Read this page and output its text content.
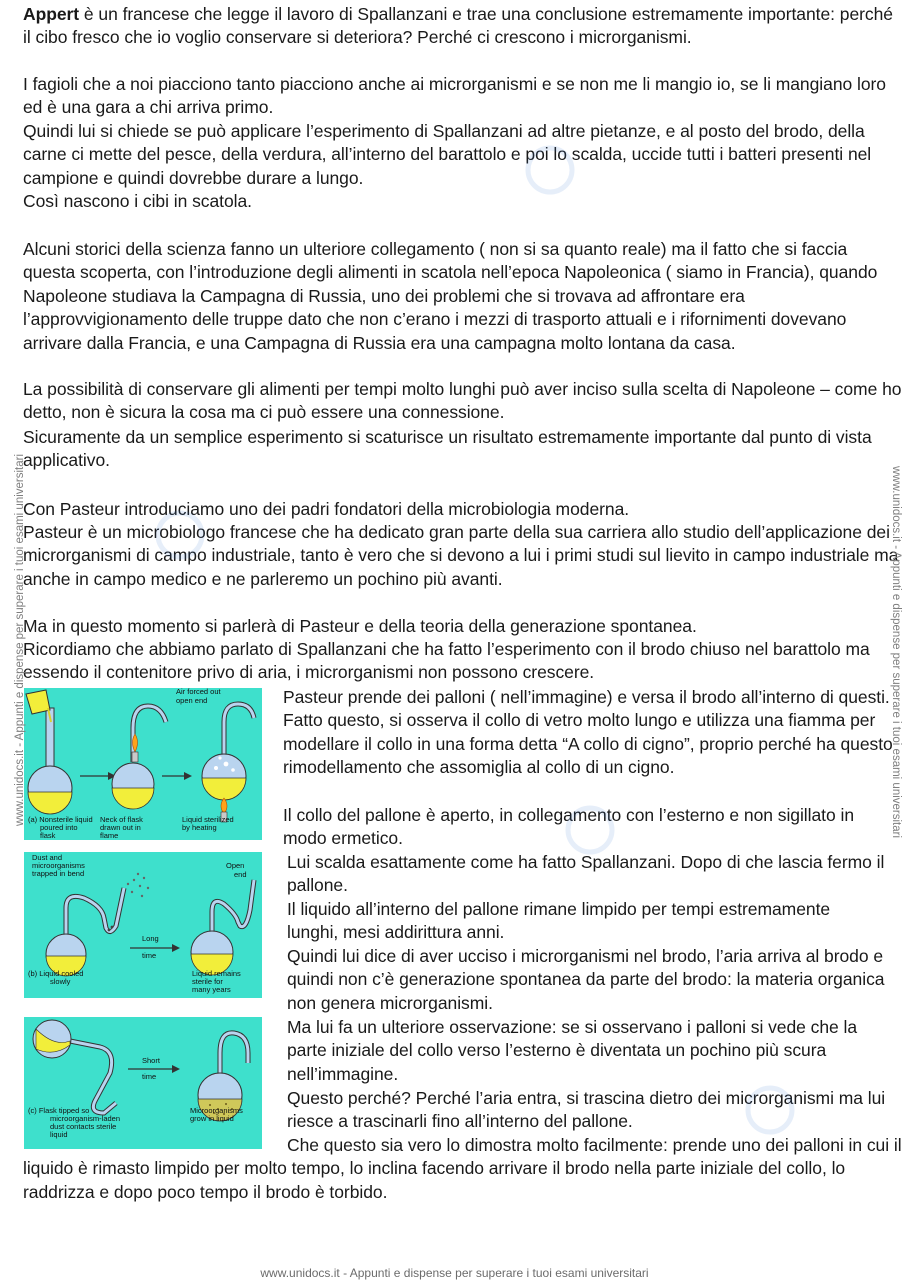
Appert è un francese che legge il lavoro di Spallanzani e trae una conclusione estremamente importante: perché il cibo fresco che io voglio conservare si deteriora? Perché ci crescono i microrganismi.

I fagioli che a noi piacciono tanto piacciono anche ai microrganismi e se non me li mangio io, se li mangiano loro ed è una gara a chi arriva primo.

Quindi lui si chiede se può applicare l’esperimento di Spallanzani ad altre pietanze, e al posto del brodo, della carne ci mette del pesce, della verdura, all’interno del barattolo e poi lo scalda, uccide tutti i batteri presenti nel campione e quindi dovrebbe durare a lungo.

Così nascono i cibi in scatola.

Alcuni storici della scienza fanno un ulteriore collegamento ( non si sa quanto reale) ma il fatto che si faccia questa scoperta, con l’introduzione degli alimenti in scatola nell’epoca Napoleonica ( siamo in Francia), quando Napoleone studiava la Campagna di Russia, uno dei problemi che si trovava ad affrontare era l’approvvigionamento delle truppe dato che non c’erano i mezzi di trasporto attuali e i rifornimenti dovevano arrivare dalla Francia, e una Campagna di Russia era una campagna molto lontana da casa.

La possibilità di conservare gli alimenti per tempi molto lunghi può aver inciso sulla scelta di Napoleone – come ho detto, non è sicura la cosa ma ci può essere una connessione.

Sicuramente da un semplice esperimento si scaturisce un risultato estremamente importante dal punto di vista applicativo.

Con Pasteur introduciamo uno dei padri fondatori della microbiologia moderna.

Pasteur è un microbiologo francese che ha dedicato gran parte della sua carriera allo studio dell’applicazione dei microrganismi di campo industriale, tanto è vero che si devono a lui i primi studi sul lievito in campo industriale ma anche in campo medico e ne parleremo un pochino più avanti.

Ma in questo momento si parlerà di Pasteur e della teoria della generazione spontanea.

Ricordiamo che abbiamo parlato di Spallanzani che ha fatto l’esperimento con il brodo chiuso nel barattolo ma essendo il contenitore privo di aria, i microrganismi non possono crescere.

Pasteur prende dei palloni ( nell’immagine) e versa il brodo all’interno di questi. Fatto questo, si osserva il collo di vetro molto lungo e utilizza una fiamma per modellare il collo in una forma detta “A collo di cigno”, proprio perché ha questo rimodellamento che assomiglia al collo di un cigno.

Il collo del pallone è aperto, in collegamento con l’esterno e non sigillato in modo ermetico.

Lui scalda esattamente come ha fatto Spallanzani. Dopo di che lascia fermo il pallone.

Il liquido all’interno del pallone rimane limpido per tempi estremamente lunghi, mesi addirittura anni.

Quindi lui dice di aver ucciso i microrganismi nel brodo, l’aria arriva al brodo e quindi non c’è generazione spontanea da parte del brodo: la materia organica non genera microrganismi.

Ma lui fa un ulteriore osservazione: se si osservano i palloni si vede che la parte iniziale del collo verso l’esterno è diventata un pochino più scura nell’immagine.

Questo perché? Perché l’aria entra, si trascina dietro dei microrganismi ma lui riesce a trascinarli fino all’interno del pallone.

Che questo sia vero lo dimostra molto facilmente: prende uno dei palloni in cui il liquido è rimasto limpido per molto tempo, lo inclina facendo arrivare il brodo nella parte iniziale del collo, lo raddrizza e dopo poco tempo il brodo è torbido.

Air forced out
open end
(a) Nonsterile liquid
poured into
flask
Neck of flask
drawn out in
flame
Liquid sterilized
by heating
Dust and
microorganisms
trapped in bend
Open
end
Long
time
(b) Liquid cooled
slowly
Liquid remains
sterile for
many years
Short
time
(c) Flask tipped so
microorganism-laden
dust contacts sterile
liquid
Microorganisms
grow in liquid
www.unidocs.it - Appunti e dispense per superare i tuoi esami universitari	www.unidocs.it - Appunti e dispense per superare i tuoi esami universitari
www.unidocs.it - Appunti e dispense per superare i tuoi esami universitari
